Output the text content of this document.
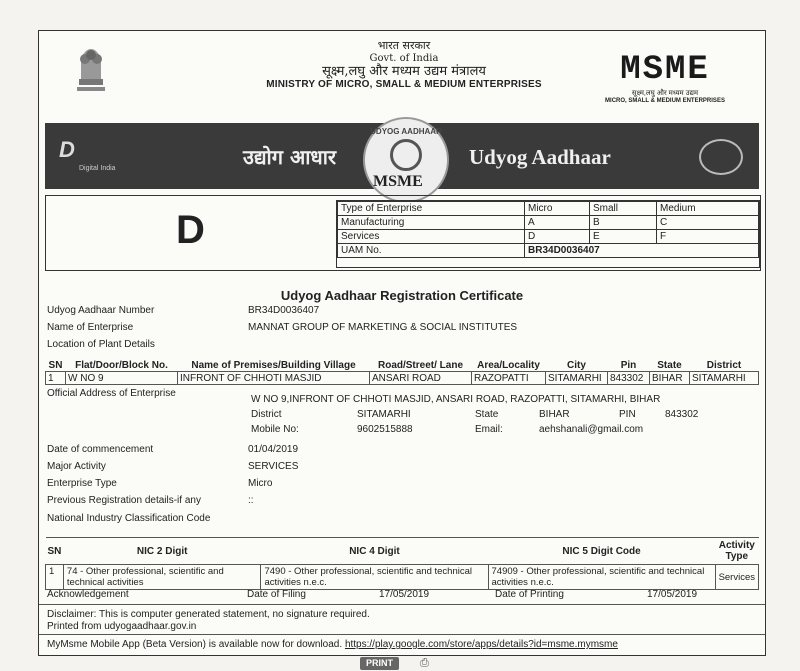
भारत सरकार
Govt. of India
सूक्ष्म,लघु और मध्यम उद्यम मंत्रालय
MINISTRY OF MICRO, SMALL & MEDIUM ENTERPRISES	MSME
सूक्ष्म,लघु और मध्यम उद्यम
MICRO, SMALL & MEDIUM ENTERPRISES
D
Digital India	उद्योग आधार
UDYOG AADHAAR
MSME
Udyog Aadhaar
D	Type of Enterprise	Micro	Small	Medium
Manufacturing	A	B	C
Services	D	E	F
UAM No.	BR34D0036407		
Udyog Aadhaar Registration Certificate
Udyog Aadhaar Number	BR34D0036407
Name of Enterprise	MANNAT GROUP OF MARKETING & SOCIAL INSTITUTES
Location of Plant Details
SN	Flat/Door/Block No.	Name of Premises/Building Village	Road/Street/ Lane	Area/Locality	City	Pin	State	District
1	W NO 9	INFRONT OF CHHOTI MASJID	ANSARI ROAD	RAZOPATTI	SITAMARHI	843302	BIHAR	SITAMARHI
Official Address of Enterprise
W NO 9,INFRONT OF CHHOTI MASJID, ANSARI ROAD, RAZOPATTI, SITAMARHI, BIHAR
District	SITAMARHI	State	BIHAR	PIN	843302
Mobile No:	9602515888	Email:	aehshanali@gmail.com
Date of commencement	01/04/2019
Major Activity	SERVICES
Enterprise Type	Micro
Previous Registration details-if any	::
National Industry Classification Code
SN	NIC 2 Digit	NIC 4 Digit	NIC 5 Digit Code	Activity Type
1	74 - Other professional, scientific and technical activities	7490 - Other professional, scientific and technical activities n.e.c.	74909 - Other professional, scientific and technical activities n.e.c.	Services
Acknowledgement	Date of Filing	17/05/2019	Date of Printing	17/05/2019
Disclaimer: This is computer generated statement, no signature required.
Printed from udyogaadhaar.gov.in
MyMsme Mobile App (Beta Version) is available now for download. https://play.google.com/store/apps/details?id=msme.mymsme
PRINT	⎙
